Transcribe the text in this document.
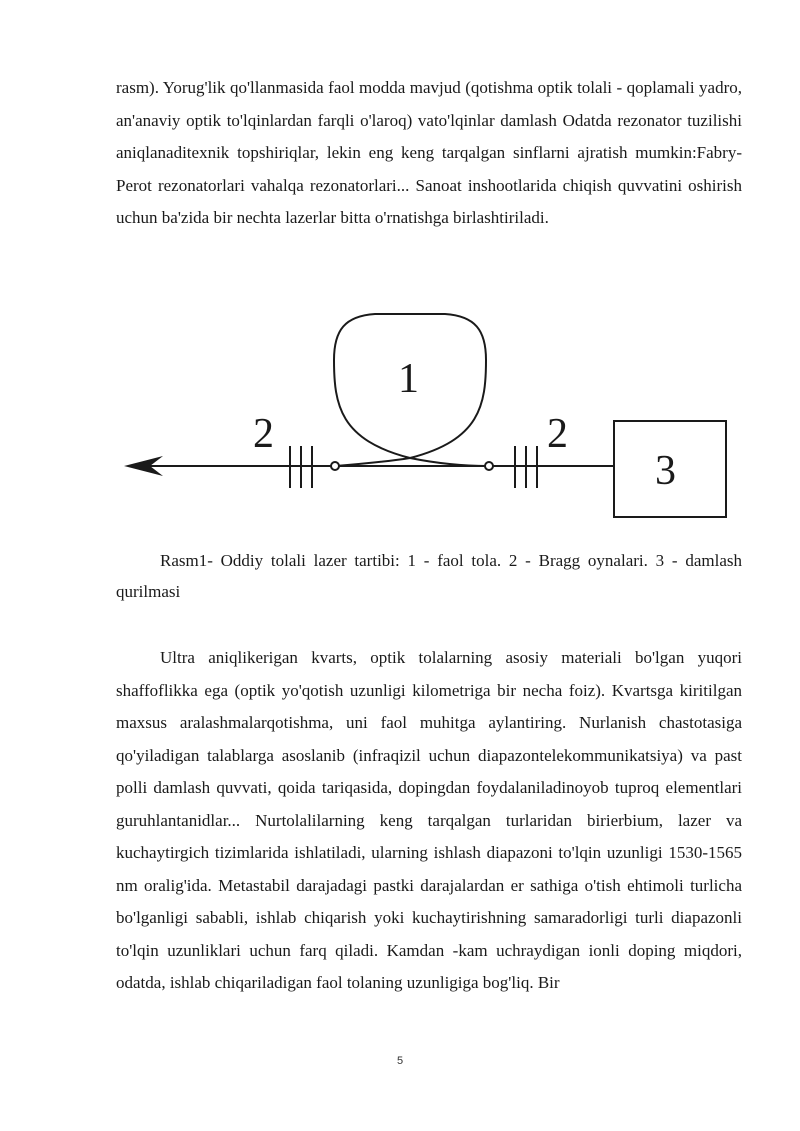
rasm). Yorug'lik qo'llanmasida faol modda mavjud (qotishma optik tolali - qoplamali yadro, an'anaviy optik to'lqinlardan farqli o'laroq) vato'lqinlar damlash Odatda rezonator tuzilishi aniqlanaditexnik topshiriqlar, lekin eng keng tarqalgan sinflarni ajratish mumkin:Fabry-Perot rezonatorlari vahalqa rezonatorlari... Sanoat inshootlarida chiqish quvvatini oshirish uchun ba'zida bir nechta lazerlar bitta o'rnatishga birlashtiriladi.

1
2	2
3

Rasm1- Oddiy tolali lazer tartibi: 1 - faol tola. 2 - Bragg oynalari. 3 - damlash qurilmasi

Ultra aniqlikerigan kvarts, optik tolalarning asosiy materiali bo'lgan yuqori shaffoflikka ega (optik yo'qotish uzunligi kilometriga bir necha foiz). Kvartsga kiritilgan maxsus aralashmalarqotishma, uni faol muhitga aylantiring. Nurlanish chastotasiga qo'yiladigan talablarga asoslanib (infraqizil uchun diapazontelekommunikatsiya) va past polli damlash quvvati, qoida tariqasida, dopingdan foydalaniladinoyob tuproq elementlari guruhlantanidlar... Nurtolalilarning keng tarqalgan turlaridan birierbium, lazer va kuchaytirgich tizimlarida ishlatiladi, ularning ishlash diapazoni to'lqin uzunligi 1530-1565 nm oralig'ida. Metastabil darajadagi pastki darajalardan er sathiga o'tish ehtimoli turlicha bo'lganligi sababli, ishlab chiqarish yoki kuchaytirishning samaradorligi turli diapazonli to'lqin uzunliklari uchun farq qiladi. Kamdan -kam uchraydigan ionli doping miqdori, odatda, ishlab chiqariladigan faol tolaning uzunligiga bog'liq. Bir

5
